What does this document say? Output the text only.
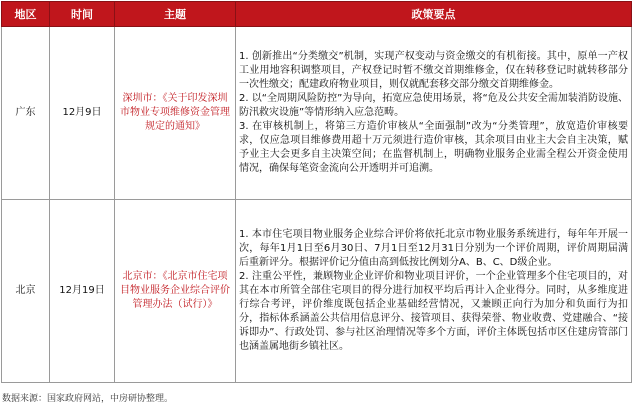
地区	时间	主题	政策要点
广东	12月9日	深圳市：《关于印发深圳市物业专项维修资金管理规定的通知》	1. 创新推出“分类缴交”机制，实现产权变动与资金缴交的有机衔接。其中，原单一产权工业用地容积调整项目，产权登记时暂不缴交首期维修金，仅在转移登记时就转移部分一次性缴交；配建政府物业项目，则仅就配套移交部分缴交首期维修金。

2. 以“全周期风险防控”为导向，拓宽应急使用场景，将“危及公共安全需加装消防设施、防汛救灾设施”等情形纳入应急范畴。

3. 在审核机制上，将第三方造价审核从“全面强制”改为“分类管理”，放宽造价审核要求，仅应急项目维修费用超十万元须进行造价审核，其余项目由业主大会自主决策，赋予业主大会更多自主决策空间；在监督机制上，明确物业服务企业需全程公开资金使用情况，确保每笔资金流向公开透明并可追溯。

北京	12月19日	北京市：《北京市住宅项目物业服务企业综合评价管理办法（试行）》	1. 本市住宅项目物业服务企业综合评价将依托北京市物业服务系统进行，每年年开展一次，每年1月1日至6月30日、7月1日至12月31日分别为一个评价周期，评价周期届满后重新评分。根据评价记分值由高到低按比例划分A、B、C、D级企业。

2. 注重公平性，兼顾物业企业评价和物业项目评价，一个企业管理多个住宅项目的，对其在本市所管全部住宅项目的得分进行加权平均后再计入企业得分。同时，从多维度进行综合考评，评价维度既包括企业基础经营情况，又兼顾正向行为加分和负面行为扣分，指标体系涵盖公共信用信息评分、接管项目、获得荣誉、物业收费、党建融合、“接诉即办”、行政处罚、参与社区治理情况等多个方面，评价主体既包括市区住建房管部门也涵盖属地街乡镇社区。

数据来源：国家政府网站，中房研协整理。
